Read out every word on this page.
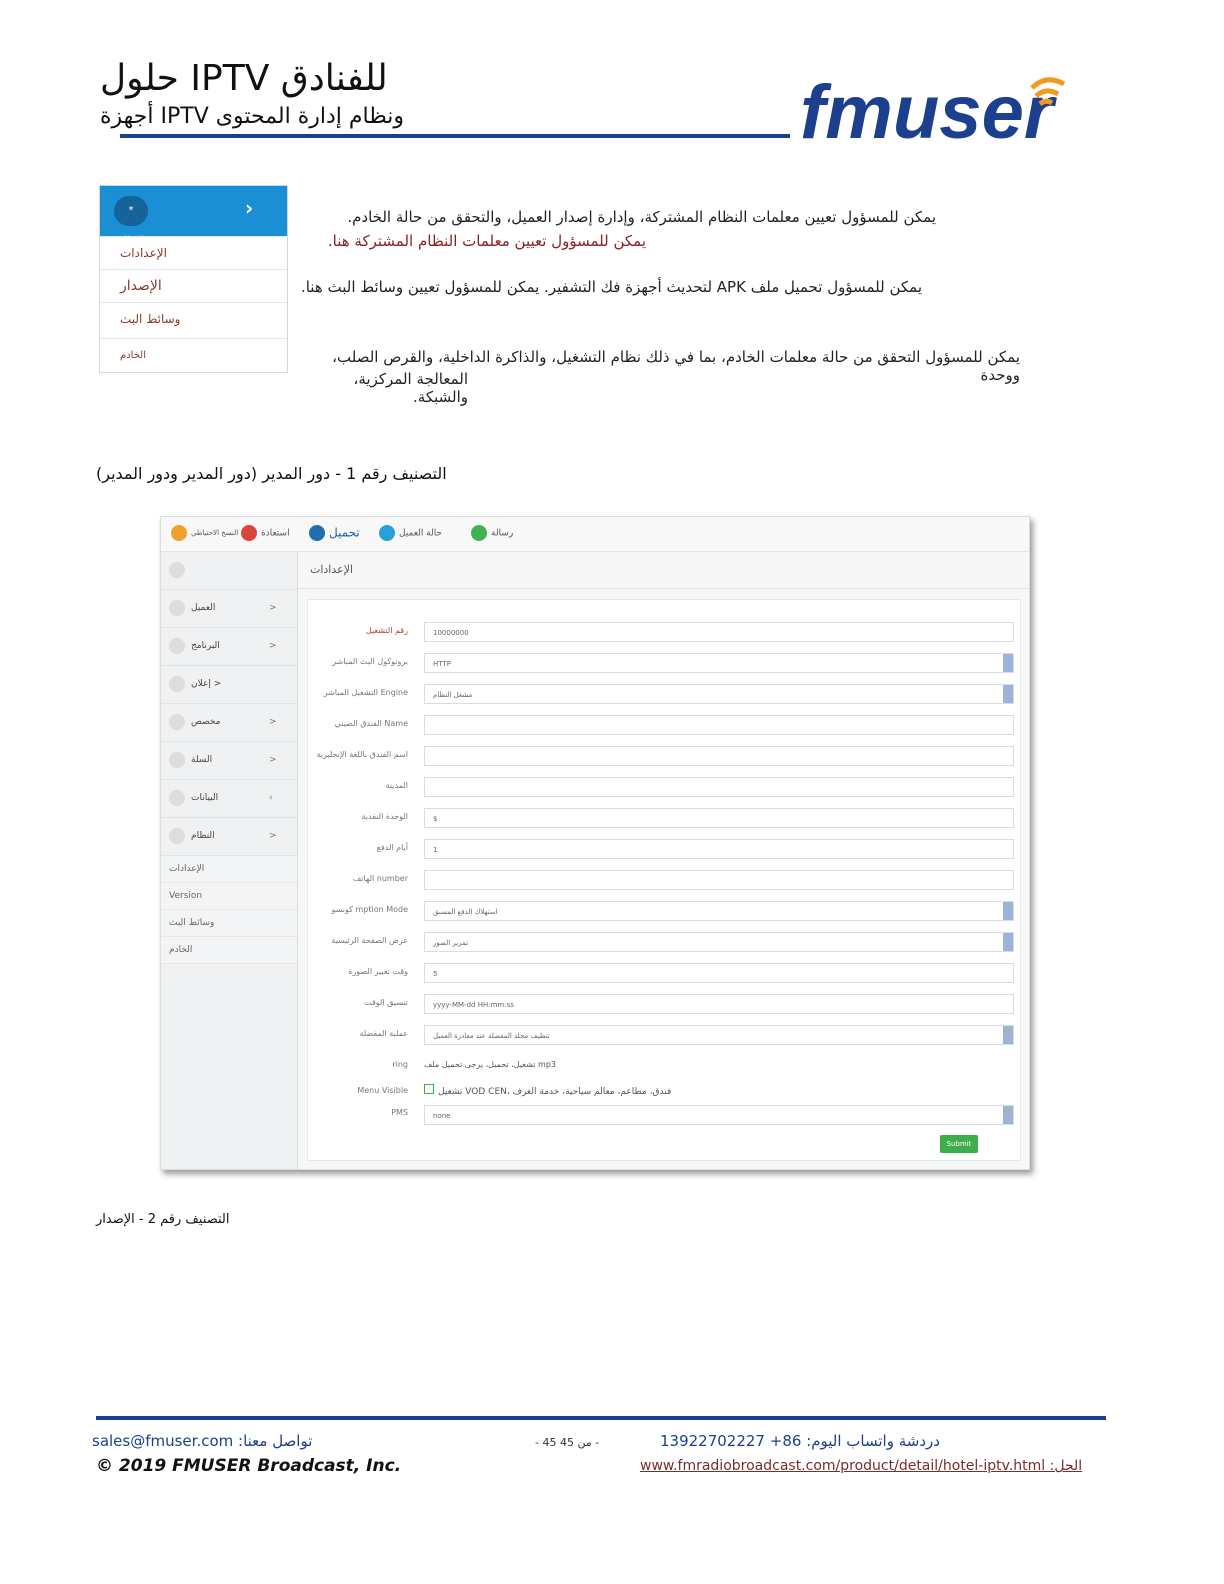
حلول IPTV للفنادق
أجهزة IPTV ونظام إدارة المحتوى	fmuser
* النظام
›
الإعدادات
الإصدار
وسائط البث
الخادم
يمكن للمسؤول تعيين معلمات النظام المشتركة، وإدارة إصدار العميل، والتحقق من حالة الخادم.
يمكن للمسؤول تعيين معلمات النظام المشتركة هنا.
يمكن للمسؤول تحميل ملف APK لتحديث أجهزة فك التشفير. يمكن للمسؤول تعيين وسائط البث هنا.
يمكن للمسؤول التحقق من حالة معلمات الخادم، بما في ذلك نظام التشغيل، والذاكرة الداخلية، والقرص الصلب، ووحدة
المعالجة المركزية، والشبكة.
التصنيف رقم 1 - دور المدير (دور المدير ودور المدير)
رسالة
حالة العميل
تحميل
استعادة
النسخ الاحتياطي
العميل	>
البرنامج	>
إعلان >
مخصص	>
السلة	>
البيانات	‹
النظام	>
الإعدادات
Version
وسائط البث
الخادم
الإعدادات
رقم التشغيل	10000000
بروتوكول البث المباشر	HTTP
التشغيل المباشر Engine	مشغل النظام
الفندق الصيني Name
اسم الفندق باللغة الإنجليزية
المدينة
الوحدة النقدية	$
أيام الدفع	1
الهاتف number
كونسو mption Mode	استهلاك الدفع المسبق
عرض الصفحة الرئيسية	تمرير الصور
وقت تغيير الصورة	5
تنسيق الوقت	yyyy-MM-dd HH:mm:ss
عملية المفضلة	تنظيف مجلد المفضلة عند مغادرة العميل
ring تشغيل، تحميل، يرجى تحميل ملف mp3
Menu Visible	تشغيل VOD CEN، فندق، مطاعم، معالم سياحية، خدمة الغرف
PMS	none
Submit
التصنيف رقم 2 - الإصدار
sales@fmuser.com :تواصل معنا	- 45 من 45 -	دردشة واتساب اليوم: 86+ 13922702227
© 2019 FMUSER Broadcast, Inc.	www.fmradiobroadcast.com/product/detail/hotel-iptv.html :الحل
